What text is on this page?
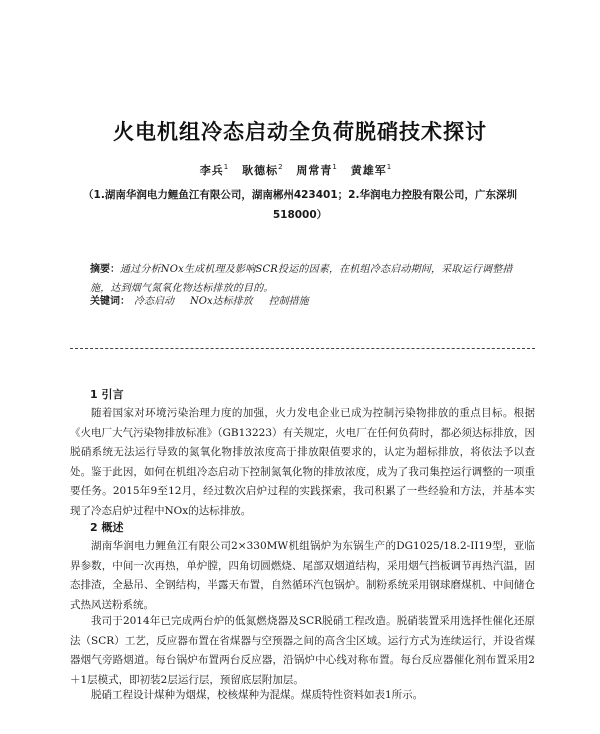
火电机组冷态启动全负荷脱硝技术探讨
李兵$^1$ 耿德标$^2$ 周常青$^1$ 黄雄军$^1$
（1.湖南华润电力鲤鱼江有限公司，湖南郴州423401；2.华润电力控股有限公司，广东深圳518000）
摘要：通过分析NOx生成机理及影响SCR投运的因素，在机组冷态启动期间，采取运行调整措施，达到烟气氮氧化物达标排放的目的。
关键词： 冷态启动 NOx达标排放 控制措施
1 引言
随着国家对环境污染治理力度的加强，火力发电企业已成为控制污染物排放的重点目标。根据《火电厂大气污染物排放标准》（GB13223）有关规定，火电厂在任何负荷时，都必须达标排放，因脱硝系统无法运行导致的氮氧化物排放浓度高于排放限值要求的，认定为超标排放，将依法予以查处。鉴于此因，如何在机组冷态启动下控制氮氧化物的排放浓度，成为了我司集控运行调整的一项重要任务。2015年9至12月，经过数次启炉过程的实践探索，我司积累了一些经验和方法，并基本实现了冷态启炉过程中NOx的达标排放。
2 概述
湖南华润电力鲤鱼江有限公司2×330MW机组锅炉为东锅生产的DG1025/18.2-II19型，亚临界参数，中间一次再热，单炉膛，四角切圆燃烧、尾部双烟道结构，采用烟气挡板调节再热汽温，固态排渣，全悬吊、全钢结构，半露天布置，自然循环汽包锅炉。制粉系统采用钢球磨煤机、中间储仓式热风送粉系统。
我司于2014年已完成两台炉的低氮燃烧器及SCR脱硝工程改造。脱硝装置采用选择性催化还原法（SCR）工艺，反应器布置在省煤器与空预器之间的高含尘区域。运行方式为连续运行，并设省煤器烟气旁路烟道。每台锅炉布置两台反应器，沿锅炉中心线对称布置。每台反应器催化剂布置采用2＋1层模式，即初装2层运行层，预留底层附加层。
脱硝工程设计煤种为烟煤，校核煤种为混煤。煤质特性资料如表1所示。
